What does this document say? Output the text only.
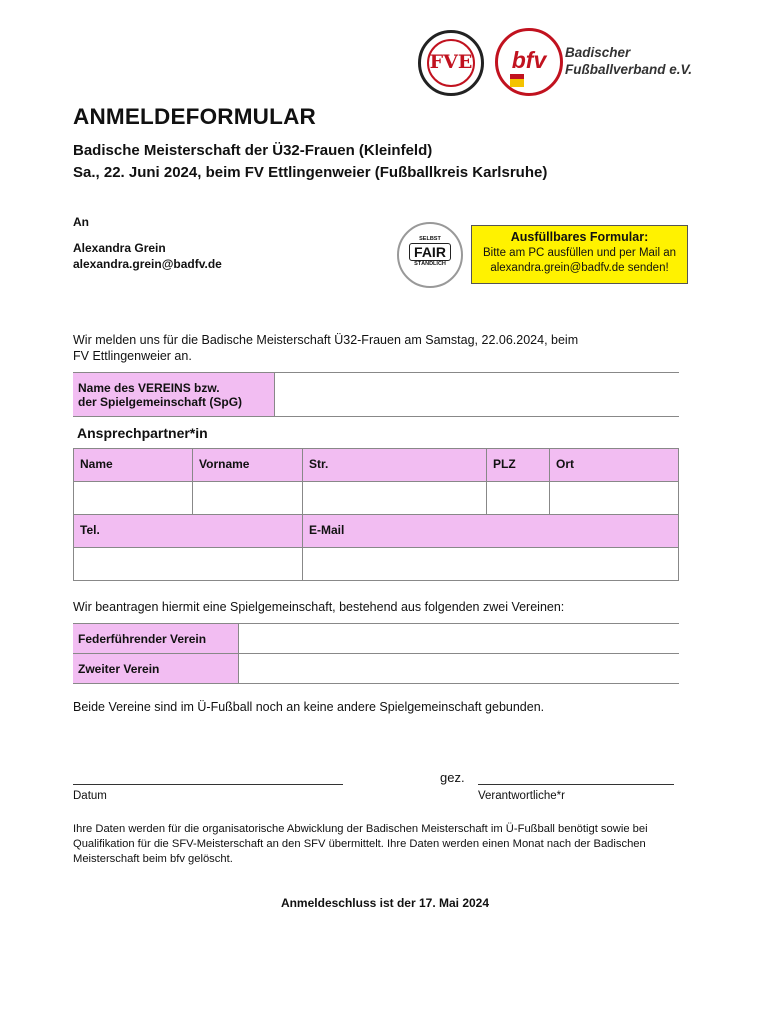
FVE	bfv	Badischer
Fußballverband e.V.
ANMELDEFORMULAR
Badische Meisterschaft der Ü32-Frauen (Kleinfeld)
Sa., 22. Juni 2024, beim FV Ettlingenweier (Fußballkreis Karlsruhe)
An
Alexandra Grein
alexandra.grein@badfv.de
SELBST
FAIR
STÄNDLICH
Ausfüllbares Formular:
Bitte am PC ausfüllen und per Mail an
alexandra.grein@badfv.de senden!
Wir melden uns für die Badische Meisterschaft Ü32-Frauen am Samstag, 22.06.2024, beim
FV Ettlingenweier an.
Name des VEREINS bzw.
der Spielgemeinschaft (SpG)

Ansprechpartner*in
Name	Vorname	Str.	PLZ	Ort

Tel.		E-Mail		

Wir beantragen hiermit eine Spielgemeinschaft, bestehend aus folgenden zwei Vereinen:
Federführender Verein	
Zweiter Verein	
Beide Vereine sind im Ü-Fußball noch an keine andere Spielgemeinschaft gebunden.
gez.
Datum	Verantwortliche*r
Ihre Daten werden für die organisatorische Abwicklung der Badischen Meisterschaft im Ü-Fußball benötigt sowie bei
Qualifikation für die SFV-Meisterschaft an den SFV übermittelt. Ihre Daten werden einen Monat nach der Badischen
Meisterschaft beim bfv gelöscht.
Anmeldeschluss ist der 17. Mai 2024
